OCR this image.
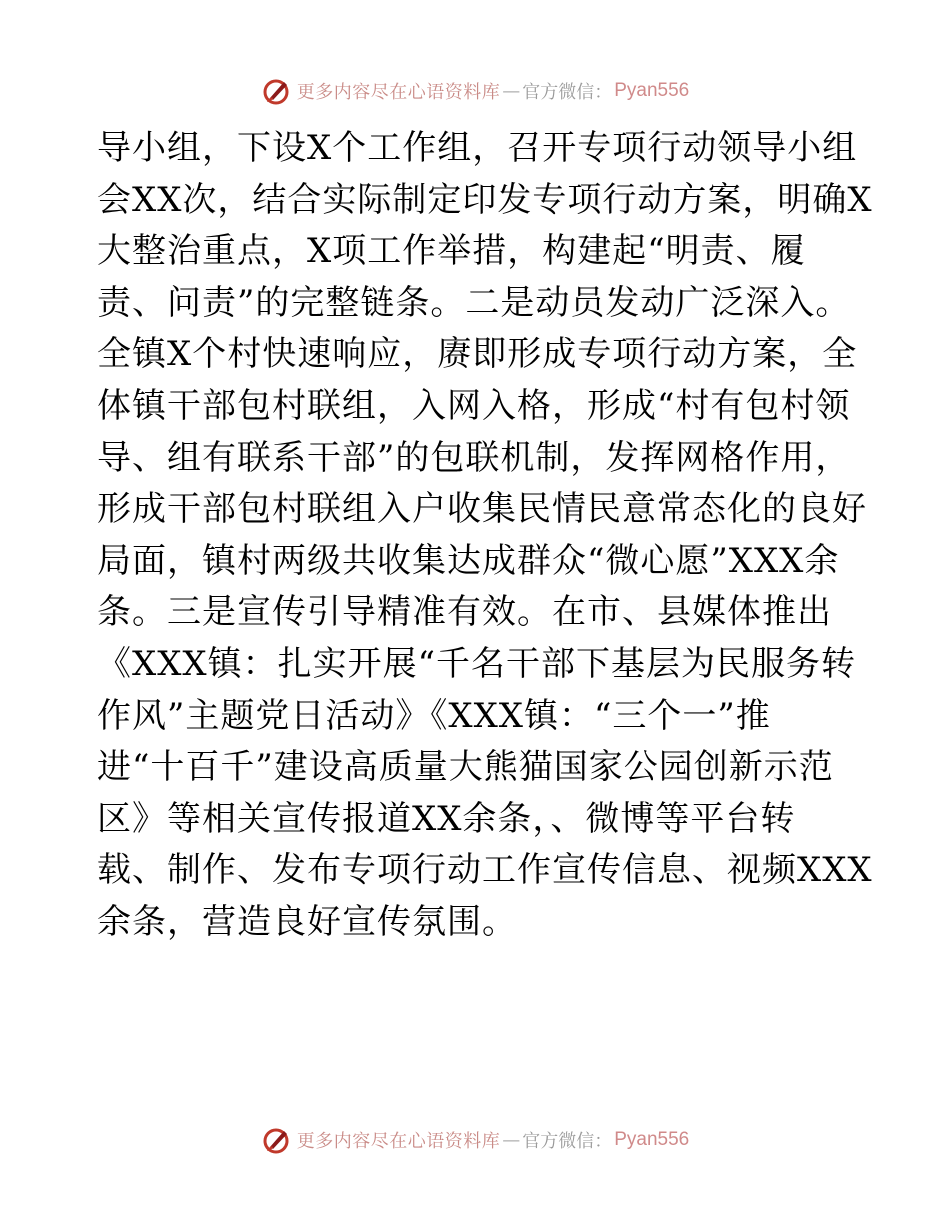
更多内容尽在心语资料库 — 官方微信： Pyan556
导小组，下设X个工作组，召开专项行动领导小组
会XX次，结合实际制定印发专项行动方案，明确X
大整治重点，X项工作举措，构建起“明责、履
责、问责”的完整链条。二是动员发动广泛深入。
全镇X个村快速响应，赓即形成专项行动方案，全
体镇干部包村联组，入网入格，形成“村有包村领
导、组有联系干部”的包联机制，发挥网格作用，
形成干部包村联组入户收集民情民意常态化的良好
局面，镇村两级共收集达成群众“微心愿”XXX余
条。三是宣传引导精准有效。在市、县媒体推出
《XXX镇：扎实开展“千名干部下基层为民服务转
作风”主题党日活动》《XXX镇：“三个一”推
进“十百千”建设高质量大熊猫国家公园创新示范
区》等相关宣传报道XX余条，、微博等平台转
载、制作、发布专项行动工作宣传信息、视频XXX
余条，营造良好宣传氛围。
更多内容尽在心语资料库 — 官方微信： Pyan556
